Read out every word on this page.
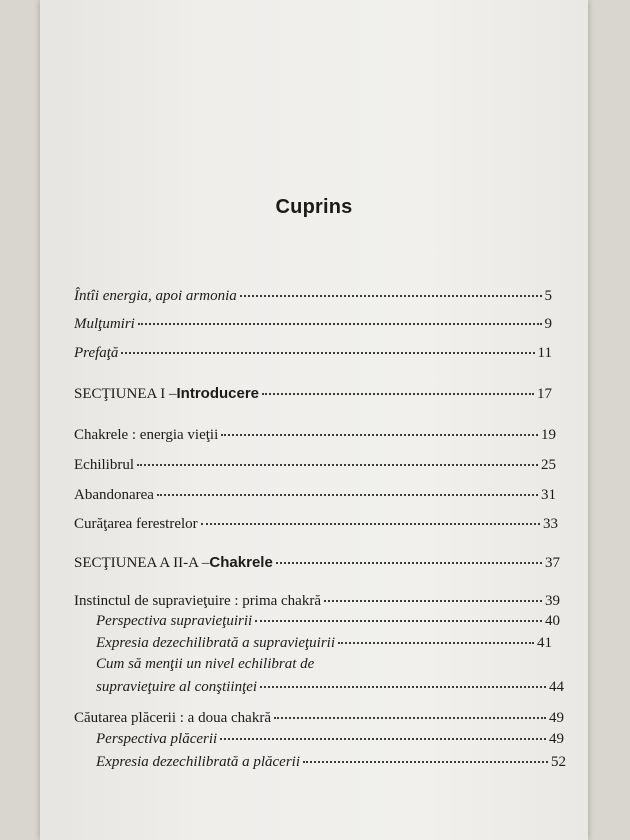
Cuprins
Întîi energia, apoi armonia	5
Mulţumiri	9
Prefaţă	11
SECŢIUNEA I – Introducere	17
Chakrele : energia vieţii	19
Echilibrul	25
Abandonarea	31
Curăţarea ferestrelor	33
SECŢIUNEA A II-A – Chakrele	37
Instinctul de supravieţuire : prima chakră	39
Perspectiva supravieţuirii	40
Expresia dezechilibrată a supravieţuirii	41
Cum să menţii un nivel echilibrat de
supravieţuire al conştiinţei	44
Căutarea plăcerii : a doua chakră	49
Perspectiva plăcerii	49
Expresia dezechilibrată a plăcerii	52
